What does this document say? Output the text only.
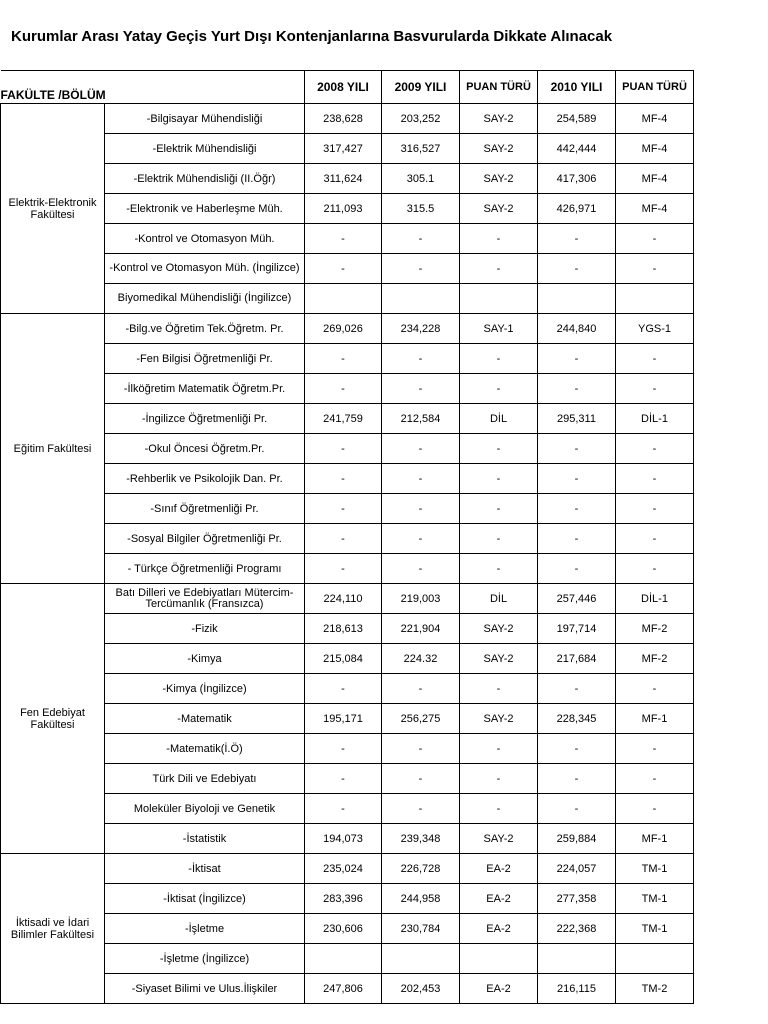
Kurumlar Arası Yatay Geçis Yurt Dışı Kontenjanlarına Basvurularda Dikkate Alınacak
FAKÜLTE /BÖLÜM		2008 YILI	2009 YILI	PUAN TÜRÜ	2010 YILI	PUAN TÜRÜ
Elektrik-Elektronik Fakültesi	-Bilgisayar Mühendisliği	238,628	203,252	SAY-2	254,589	MF-4
	-Elektrik Mühendisliği	317,427	316,527	SAY-2	442,444	MF-4
	-Elektrik Mühendisliği (II.Öğr)	311,624	305.1	SAY-2	417,306	MF-4
	-Elektronik ve Haberleşme Müh.	211,093	315.5	SAY-2	426,971	MF-4
	-Kontrol ve Otomasyon Müh.	-	-	-	-	-
	-Kontrol ve Otomasyon Müh. (İngilizce)	-	-	-	-	-
	Biyomedikal Mühendisliği (İngilizce)					
Eğitim Fakültesi	-Bilg.ve Öğretim Tek.Öğretm. Pr.	269,026	234,228	SAY-1	244,840	YGS-1
	-Fen Bilgisi Öğretmenliği Pr.	-	-	-	-	-
	-İlköğretim Matematik Öğretm.Pr.	-	-	-	-	-
	-İngilizce Öğretmenliği Pr.	241,759	212,584	DİL	295,311	DİL-1
	-Okul Öncesi Öğretm.Pr.	-	-	-	-	-
	-Rehberlik ve Psikolojik Dan. Pr.	-	-	-	-	-
	-Sınıf Öğretmenliği Pr.	-	-	-	-	-
	-Sosyal Bilgiler Öğretmenliği Pr.	-	-	-	-	-
	- Türkçe Öğretmenliği Programı	-	-	-	-	-
Fen Edebiyat Fakültesi	Batı Dilleri ve Edebiyatları Mütercim-Tercümanlık (Fransızca)	224,110	219,003	DİL	257,446	DİL-1
	-Fizik	218,613	221,904	SAY-2	197,714	MF-2
	-Kimya	215,084	224.32	SAY-2	217,684	MF-2
	-Kimya (İngilizce)	-	-	-	-	-
	-Matematik	195,171	256,275	SAY-2	228,345	MF-1
	-Matematik(İ.Ö)	-	-	-	-	-
	Türk Dili ve Edebiyatı	-	-	-	-	-
	Moleküler Biyoloji ve Genetik	-	-	-	-	-
	-İstatistik	194,073	239,348	SAY-2	259,884	MF-1
İktisadi ve İdari Bilimler Fakültesi	-İktisat	235,024	226,728	EA-2	224,057	TM-1
	-İktisat (İngilizce)	283,396	244,958	EA-2	277,358	TM-1
	-İşletme	230,606	230,784	EA-2	222,368	TM-1
	-İşletme (İngilizce)					
	-Siyaset Bilimi ve Ulus.İlişkiler	247,806	202,453	EA-2	216,115	TM-2
